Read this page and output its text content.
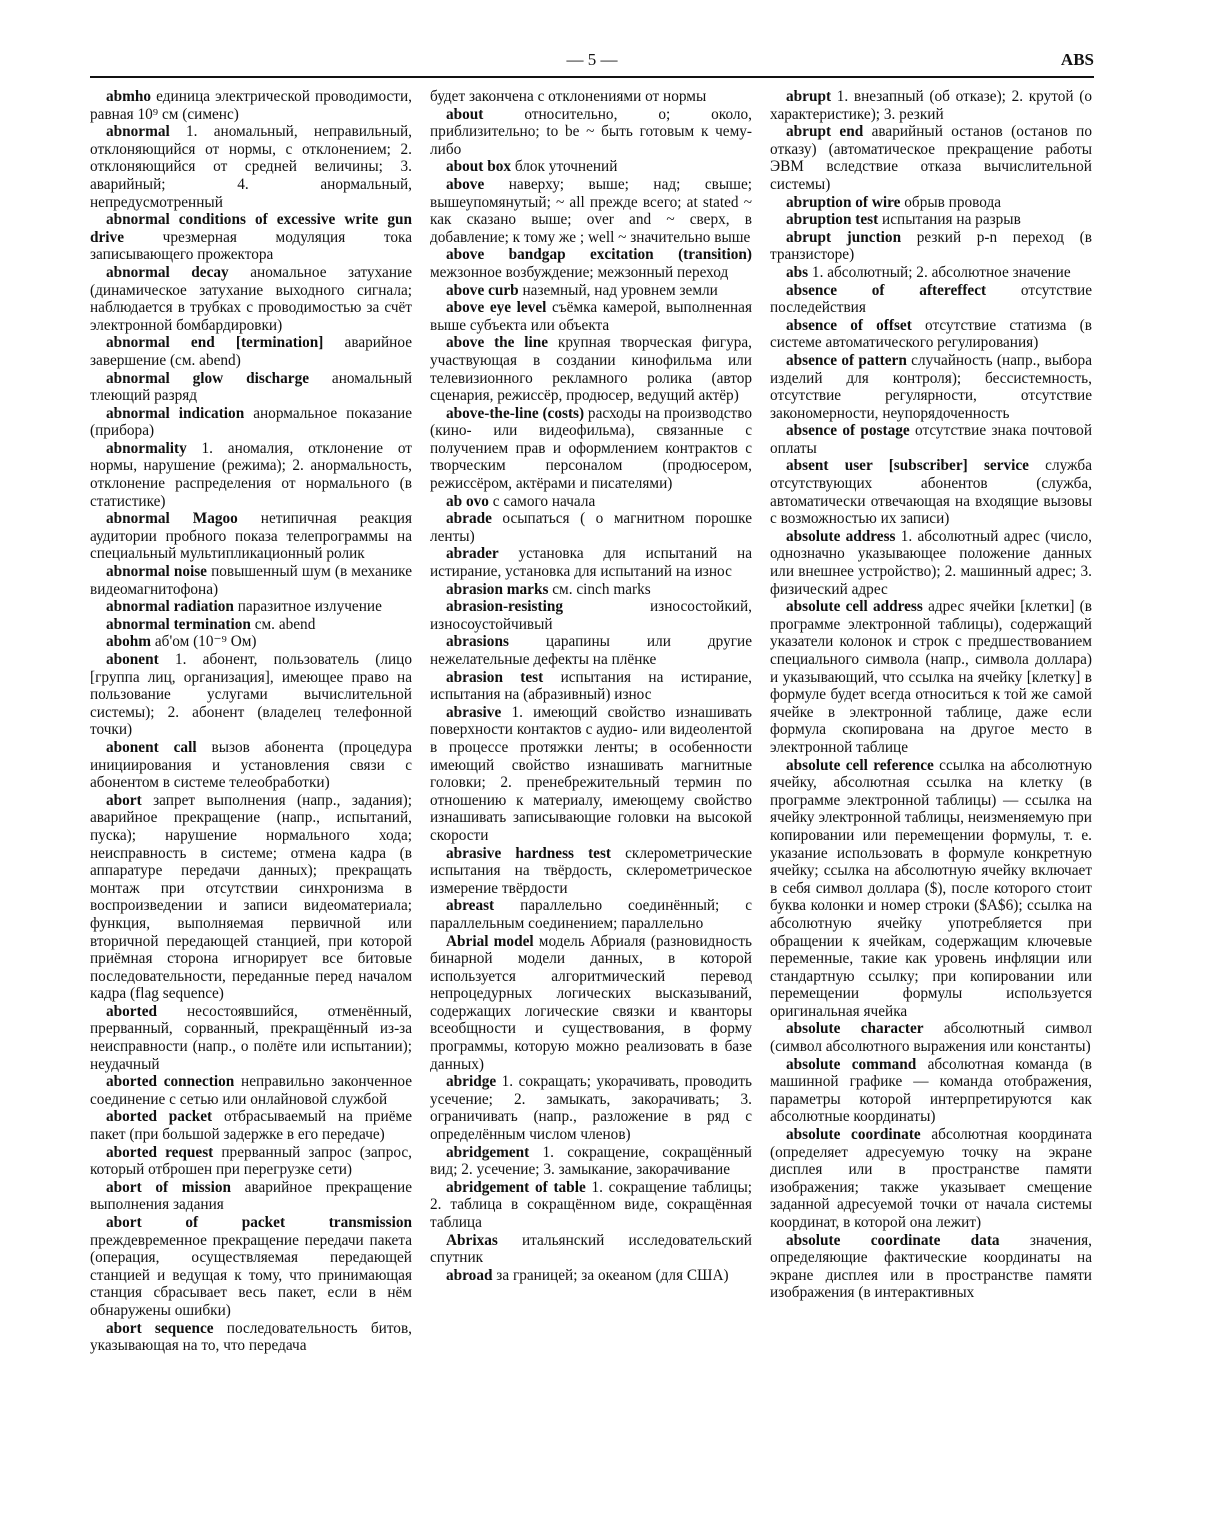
— 5 —	ABS

abmho единица электрической проводимости, равная 10⁹ см (сименс)

abnormal 1. аномальный, неправильный, отклоняющийся от нормы, с отклонением; 2. отклоняющийся от средней величины; 3. аварийный; 4. анормальный, непредусмотренный

abnormal conditions of excessive write gun drive чрезмерная модуляция тока записывающего прожектора

abnormal decay аномальное затухание (динамическое затухание выходного сигнала; наблюдается в трубках с проводимостью за счёт электронной бомбардировки)

abnormal end [termination] аварийное завершение (см. abend)

abnormal glow discharge аномальный тлеющий разряд

abnormal indication анормальное показание (прибора)

abnormality 1. аномалия, отклонение от нормы, нарушение (режима); 2. анормальность, отклонение распределения от нормального (в статистике)

abnormal Magoo нетипичная реакция аудитории пробного показа телепрограммы на специальный мультипликационный ролик

abnormal noise повышенный шум (в механике видеомагнитофона)

abnormal radiation паразитное излучение

abnormal termination см. abend

abohm аб'ом (10⁻⁹ Ом)

abonent 1. абонент, пользователь (лицо [группа лиц, организация], имеющее право на пользование услугами вычислительной системы); 2. абонент (владелец телефонной точки)

abonent call вызов абонента (процедура инициирования и установления связи с абонентом в системе телеобработки)

abort запрет выполнения (напр., задания); аварийное прекращение (напр., испытаний, пуска); нарушение нормального хода; неисправность в системе; отмена кадра (в аппаратуре передачи данных); прекращать монтаж при отсутствии синхронизма в воспроизведении и записи видеоматериала; функция, выполняемая первичной или вторичной передающей станцией, при которой приёмная сторона игнорирует все битовые последовательности, переданные перед началом кадра (flag sequence)

aborted несостоявшийся, отменённый, прерванный, сорванный, прекращённый из-за неисправности (напр., о полёте или испытании); неудачный

aborted connection неправильно законченное соединение с сетью или онлайновой службой

aborted packet отбрасываемый на приёме пакет (при большой задержке в его передаче)

aborted request прерванный запрос (запрос, который отброшен при перегрузке сети)

abort of mission аварийное прекращение выполнения задания

abort of packet transmission преждевременное прекращение передачи пакета (операция, осуществляемая передающей станцией и ведущая к тому, что принимающая станция сбрасывает весь пакет, если в нём обнаружены ошибки)

abort sequence последовательность битов, указывающая на то, что передача

будет закончена с отклонениями от нормы

about относительно, о; около, приблизительно; to be ~ быть готовым к чему-либо

about box блок уточнений

above наверху; выше; над; свыше; вышеупомянутый; ~ all прежде всего; at stated ~ как сказано выше; over and ~ сверх, в добавление; к тому же ; well ~ значительно выше

above bandgap excitation (transition) межзонное возбуждение; межзонный переход

above curb наземный, над уровнем земли

above eye level съёмка камерой, выполненная выше субъекта или объекта

above the line крупная творческая фигура, участвующая в создании кинофильма или телевизионного рекламного ролика (автор сценария, режиссёр, продюсер, ведущий актёр)

above-the-line (costs) расходы на производство (кино- или видеофильма), связанные с получением прав и оформлением контрактов с творческим персоналом (продюсером, режиссёром, актёрами и писателями)

ab ovo с самого начала

abrade осыпаться ( о магнитном порошке ленты)

abrader установка для испытаний на истирание, установка для испытаний на износ

abrasion marks см. cinch marks

abrasion-resisting износостойкий, износоустойчивый

abrasions царапины или другие нежелательные дефекты на плёнке

abrasion test испытания на истирание, испытания на (абразивный) износ

abrasive 1. имеющий свойство изнашивать поверхности контактов с аудио- или видеолентой в процессе протяжки ленты; в особенности имеющий свойство изнашивать магнитные головки; 2. пренебрежительный термин по отношению к материалу, имеющему свойство изнашивать записывающие головки на высокой скорости

abrasive hardness test склерометрические испытания на твёрдость, склерометрическое измерение твёрдости

abreast параллельно соединённый; с параллельным соединением; параллельно

Abrial model модель Абриаля (разновидность бинарной модели данных, в которой используется алгоритмический перевод непроцедурных логических высказываний, содержащих логические связки и кванторы всеобщности и существования, в форму программы, которую можно реализовать в базе данных)

abridge 1. сокращать; укорачивать, проводить усечение; 2. замыкать, закорачивать; 3. ограничивать (напр., разложение в ряд с определённым числом членов)

abridgement 1. сокращение, сокращённый вид; 2. усечение; 3. замыкание, закорачивание

abridgement of table 1. сокращение таблицы; 2. таблица в сокращённом виде, сокращённая таблица

Abrixas итальянский исследовательский спутник

abroad за границей; за океаном (для США)

abrupt 1. внезапный (об отказе); 2. крутой (о характеристике); 3. резкий

abrupt end аварийный останов (останов по отказу) (автоматическое прекращение работы ЭВМ вследствие отказа вычислительной системы)

abruption of wire обрыв провода

abruption test испытания на разрыв

abrupt junction резкий p-n переход (в транзисторе)

abs 1. абсолютный; 2. абсолютное значение

absence of aftereffect отсутствие последействия

absence of offset отсутствие статизма (в системе автоматического регулирования)

absence of pattern случайность (напр., выбора изделий для контроля); бессистемность, отсутствие регулярности, отсутствие закономерности, неупорядоченность

absence of postage отсутствие знака почтовой оплаты

absent user [subscriber] service служба отсутствующих абонентов (служба, автоматически отвечающая на входящие вызовы с возможностью их записи)

absolute address 1. абсолютный адрес (число, однозначно указывающее положение данных или внешнее устройство); 2. машинный адрес; 3. физический адрес

absolute cell address адрес ячейки [клетки] (в программе электронной таблицы), содержащий указатели колонок и строк с предшествованием специального символа (напр., символа доллара) и указывающий, что ссылка на ячейку [клетку] в формуле будет всегда относиться к той же самой ячейке в электронной таблице, даже если формула скопирована на другое место в электронной таблице

absolute cell reference ссылка на абсолютную ячейку, абсолютная ссылка на клетку (в программе электронной таблицы) — ссылка на ячейку электронной таблицы, неизменяемую при копировании или перемещении формулы, т. е. указание использовать в формуле конкретную ячейку; ссылка на абсолютную ячейку включает в себя символ доллара ($), после которого стоит буква колонки и номер строки ($A$6); ссылка на абсолютную ячейку употребляется при обращении к ячейкам, содержащим ключевые переменные, такие как уровень инфляции или стандартную ссылку; при копировании или перемещении формулы используется оригинальная ячейка

absolute character абсолютный символ (символ абсолютного выражения или константы)

absolute command абсолютная команда (в машинной графике — команда отображения, параметры которой интерпретируются как абсолютные координаты)

absolute coordinate абсолютная координата (определяет адресуемую точку на экране дисплея или в пространстве памяти изображения; также указывает смещение заданной адресуемой точки от начала системы координат, в которой она лежит)

absolute coordinate data значения, определяющие фактические координаты на экране дисплея или в пространстве памяти изображения (в интерактивных
